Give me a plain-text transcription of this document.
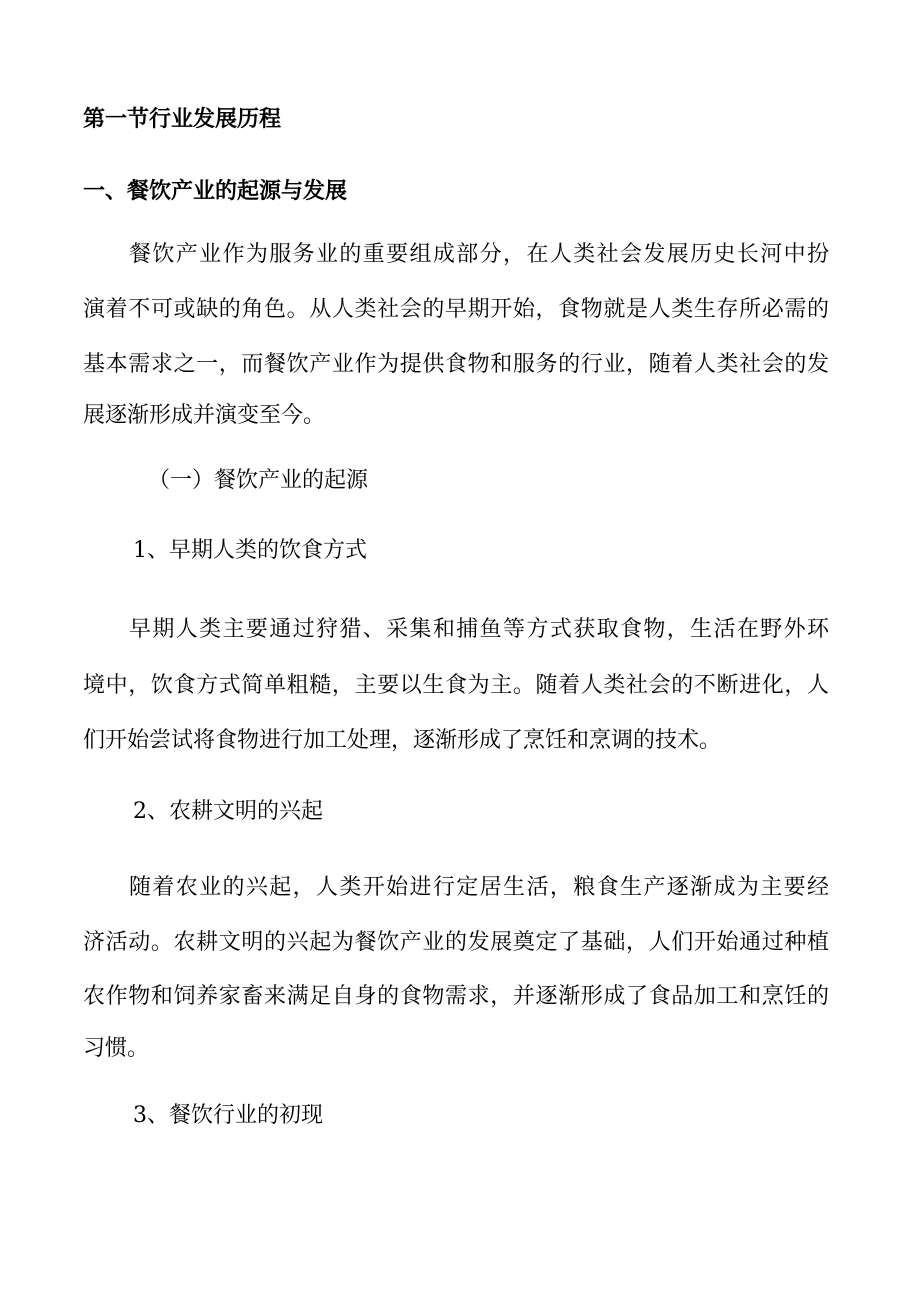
第一节行业发展历程
一、餐饮产业的起源与发展
餐饮产业作为服务业的重要组成部分，在人类社会发展历史长河中扮
演着不可或缺的角色。从人类社会的早期开始，食物就是人类生存所必需的
基本需求之一，而餐饮产业作为提供食物和服务的行业，随着人类社会的发
展逐渐形成并演变至今。
（一）餐饮产业的起源
1、早期人类的饮食方式
早期人类主要通过狩猎、采集和捕鱼等方式获取食物，生活在野外环
境中，饮食方式简单粗糙，主要以生食为主。随着人类社会的不断进化，人
们开始尝试将食物进行加工处理，逐渐形成了烹饪和烹调的技术。
2、农耕文明的兴起
随着农业的兴起，人类开始进行定居生活，粮食生产逐渐成为主要经
济活动。农耕文明的兴起为餐饮产业的发展奠定了基础，人们开始通过种植
农作物和饲养家畜来满足自身的食物需求，并逐渐形成了食品加工和烹饪的
习惯。
3、餐饮行业的初现
